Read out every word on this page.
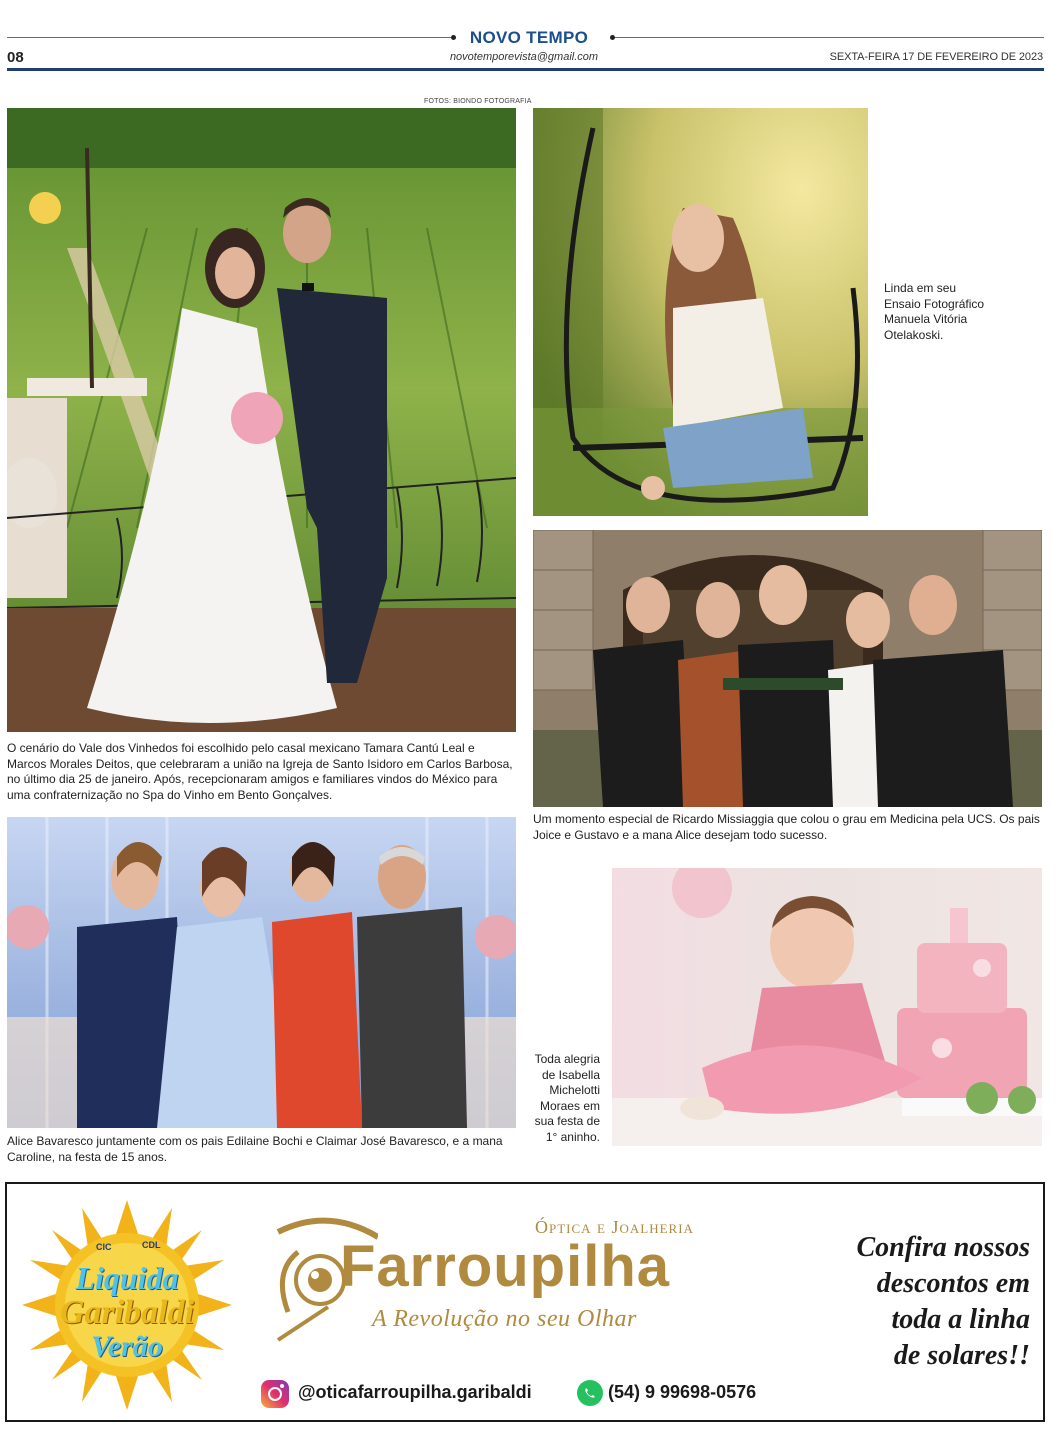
NOVO TEMPO
08	novotemporevista@gmail.com	SEXTA-FEIRA 17 DE FEVEREIRO DE 2023
FOTOS: BIONDO FOTOGRAFIA
O cenário do Vale dos Vinhedos foi escolhido pelo casal mexicano Tamara Cantú Leal e Marcos Morales Deitos, que celebraram a união na Igreja de Santo Isidoro em Carlos Barbosa, no último dia 25 de janeiro. Após, recepcionaram amigos e familiares vindos do México para uma confraternização no Spa do Vinho em Bento Gonçalves.
Linda em seu Ensaio Fotográfico Manuela Vitória Otelakoski.
Um momento especial de Ricardo Missiaggia que colou o grau em Medicina pela UCS. Os pais Joice e Gustavo e a mana Alice desejam todo sucesso.
Alice Bavaresco juntamente com os pais Edilaine Bochi e Claimar José Bavaresco, e a mana Caroline, na festa de 15 anos.
Toda alegria de Isabella Michelotti Moraes em sua festa de 1° aninho.
CIC	CDL
Liquida
Garibaldi
Verão
Óptica e Joalheria
Farroupilha
A Revolução no seu Olhar
Confira nossos
descontos em
toda a linha
de solares!!
@oticafarroupilha.garibaldi	(54) 9 99698-0576
